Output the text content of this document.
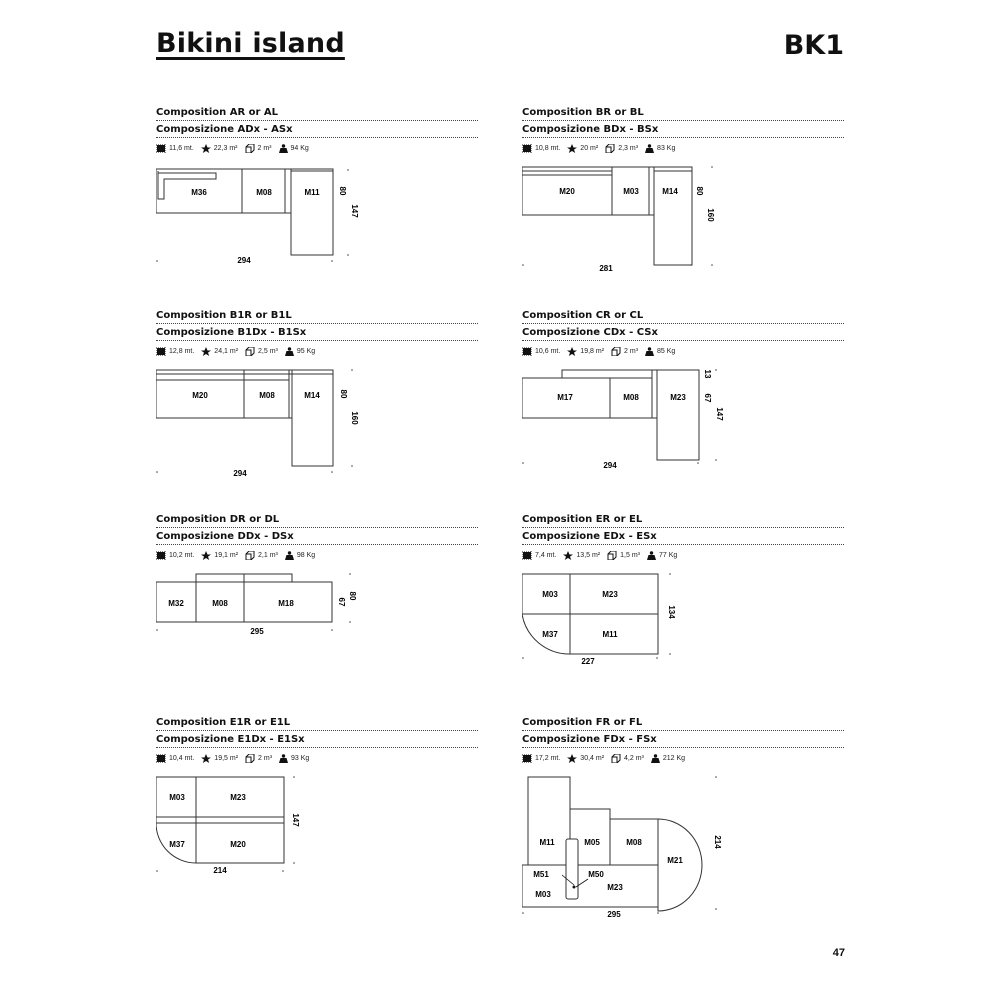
Bikini island	BK1
47
Composition AR or AL
Composizione ADx - ASx
11,6 mt.	22,3 m²	2 m³	94 Kg
M36	M08	M11
294
80
147
Composition BR or BL
Composizione BDx - BSx
10,8 mt.	20 m²	2,3 m³	83 Kg
M20	M03	M14
281
80
160
Composition B1R or B1L
Composizione B1Dx - B1Sx
12,8 mt.	24,1 m²	2,5 m³	95 Kg
M20	M08	M14
294
80
160
Composition CR or CL
Composizione CDx - CSx
10,6 mt.	19,8 m²	2 m³	85 Kg
M17	M08	M23
294
13
67
147
Composition DR or DL
Composizione DDx - DSx
10,2 mt.	19,1 m²	2,1 m³	98 Kg
M32	M08	M18
295
67
80
Composition ER or EL
Composizione EDx - ESx
7,4 mt.	13,5 m²	1,5 m³	77 Kg
M03	M23
M37	M11
227
134
Composition E1R or E1L
Composizione E1Dx - E1Sx
10,4 mt.	19,5 m²	2 m³	93 Kg
M03	M23
M37	M20
214
147
Composition FR or FL
Composizione FDx - FSx
17,2 mt.	30,4 m²	4,2 m³	212 Kg
M11	M05	M08
M21
M51	M50
M23
M03
295
214
